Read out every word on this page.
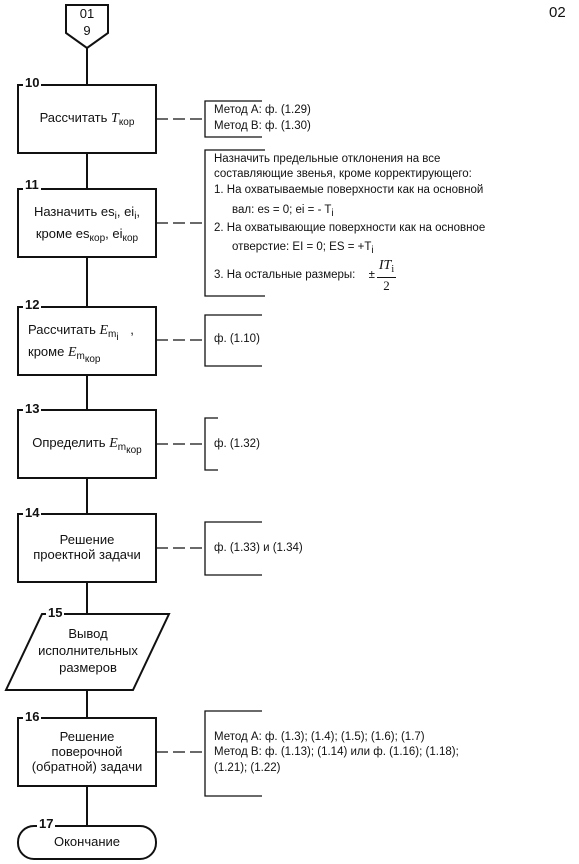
02
01
9
10
11
12
13
14
15
16
17
Рассчитать $T_{кор}$
Назначить $es_i$, $ei_i$,
кроме $es_{кор}$, $ei_{кор}$
Рассчитать $E_{m_i}$ ,
кроме $E_{m_{кор}}$
Определить $E_{m_{кор}}$
Решение
проектной задачи
Вывод
исполнительных
размеров
Решение
поверочной
(обратной) задачи
Окончание
Метод А: ф. (1.29)
Метод В: ф. (1.30)
Назначить предельные отклонения на все
составляющие звенья, кроме корректирующего:
1. На охватываемые поверхности как на основной
вал: es = 0; ei = - $T_i$
2. На охватывающие поверхности как на основное
отверстие: EI = 0; ES = $+T_i$
3. На остальные размеры: ± $\frac{IT_i}{2}$
ф. (1.10)
ф. (1.32)
ф. (1.33) и (1.34)
Метод А: ф. (1.3); (1.4); (1.5); (1.6); (1.7)
Метод В: ф. (1.13); (1.14) или ф. (1.16); (1.18);
(1.21); (1.22)
